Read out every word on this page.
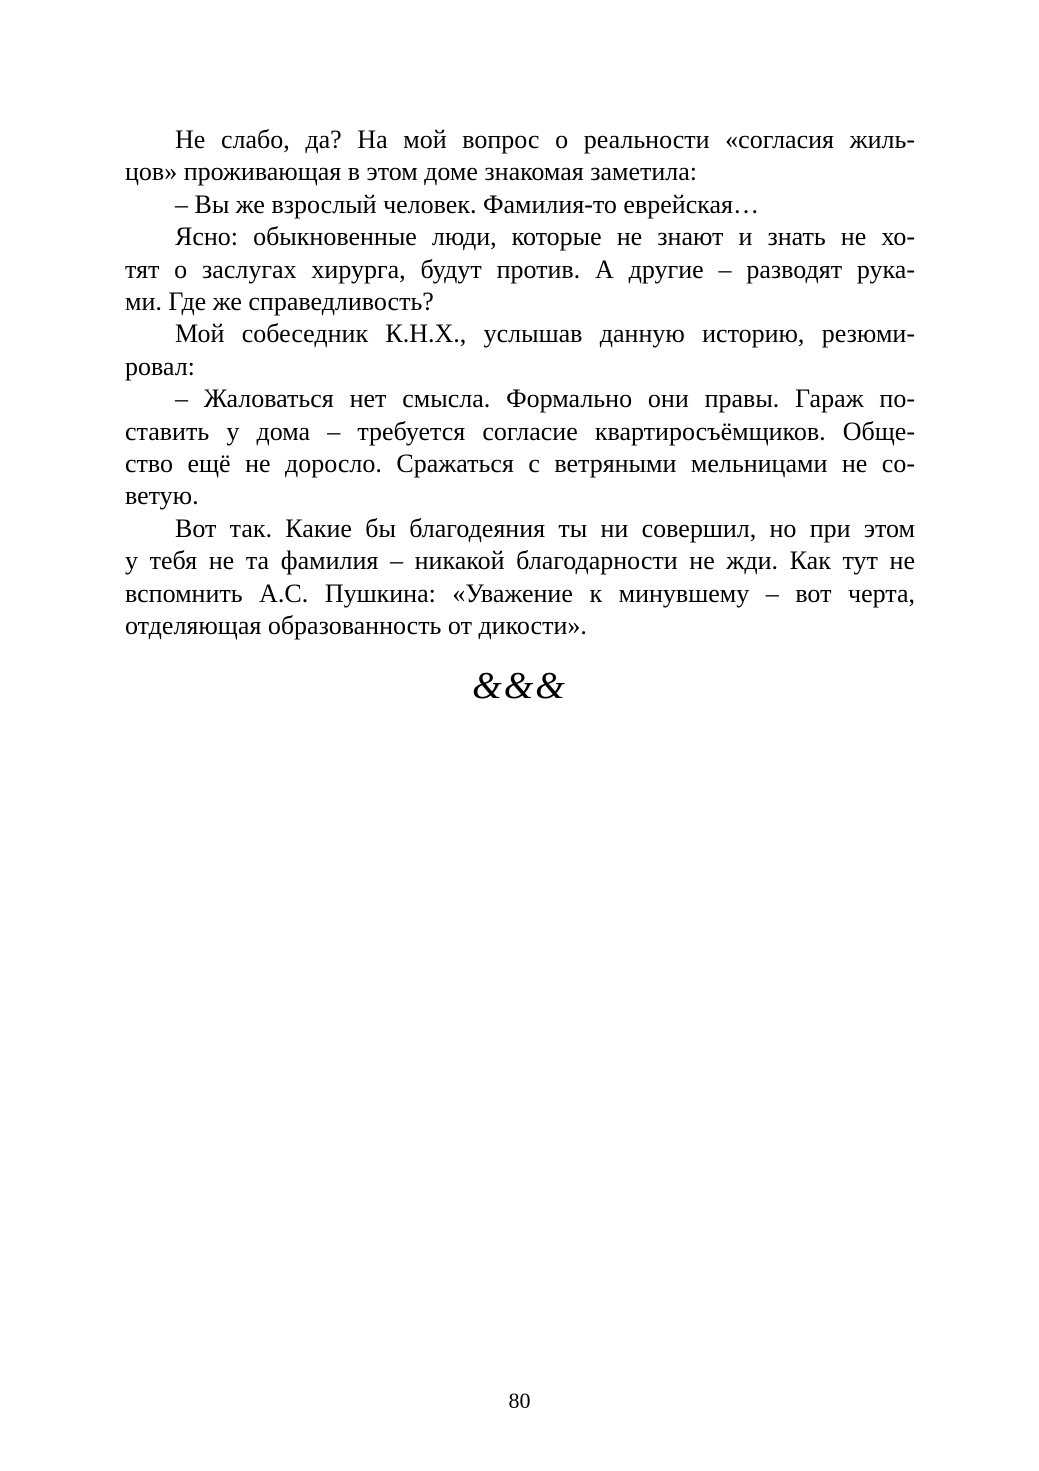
Не слабо, да? На мой вопрос о реальности «согласия жиль-
цов» проживающая в этом доме знакомая заметила:
– Вы же взрослый человек. Фамилия-то еврейская…
Ясно: обыкновенные люди, которые не знают и знать не хо-
тят о заслугах хирурга, будут против. А другие – разводят рука-
ми. Где же справедливость?
Мой собеседник К.Н.Х., услышав данную историю, резюми-
ровал:
– Жаловаться нет смысла. Формально они правы. Гараж по-
ставить у дома – требуется согласие квартиросъёмщиков. Обще-
ство ещё не доросло. Сражаться с ветряными мельницами не со-
ветую.
Вот так. Какие бы благодеяния ты ни совершил, но при этом
у тебя не та фамилия – никакой благодарности не жди. Как тут не
вспомнить А.С. Пушкина: «Уважение к минувшему – вот черта,
отделяющая образованность от дикости».
&&&
80
